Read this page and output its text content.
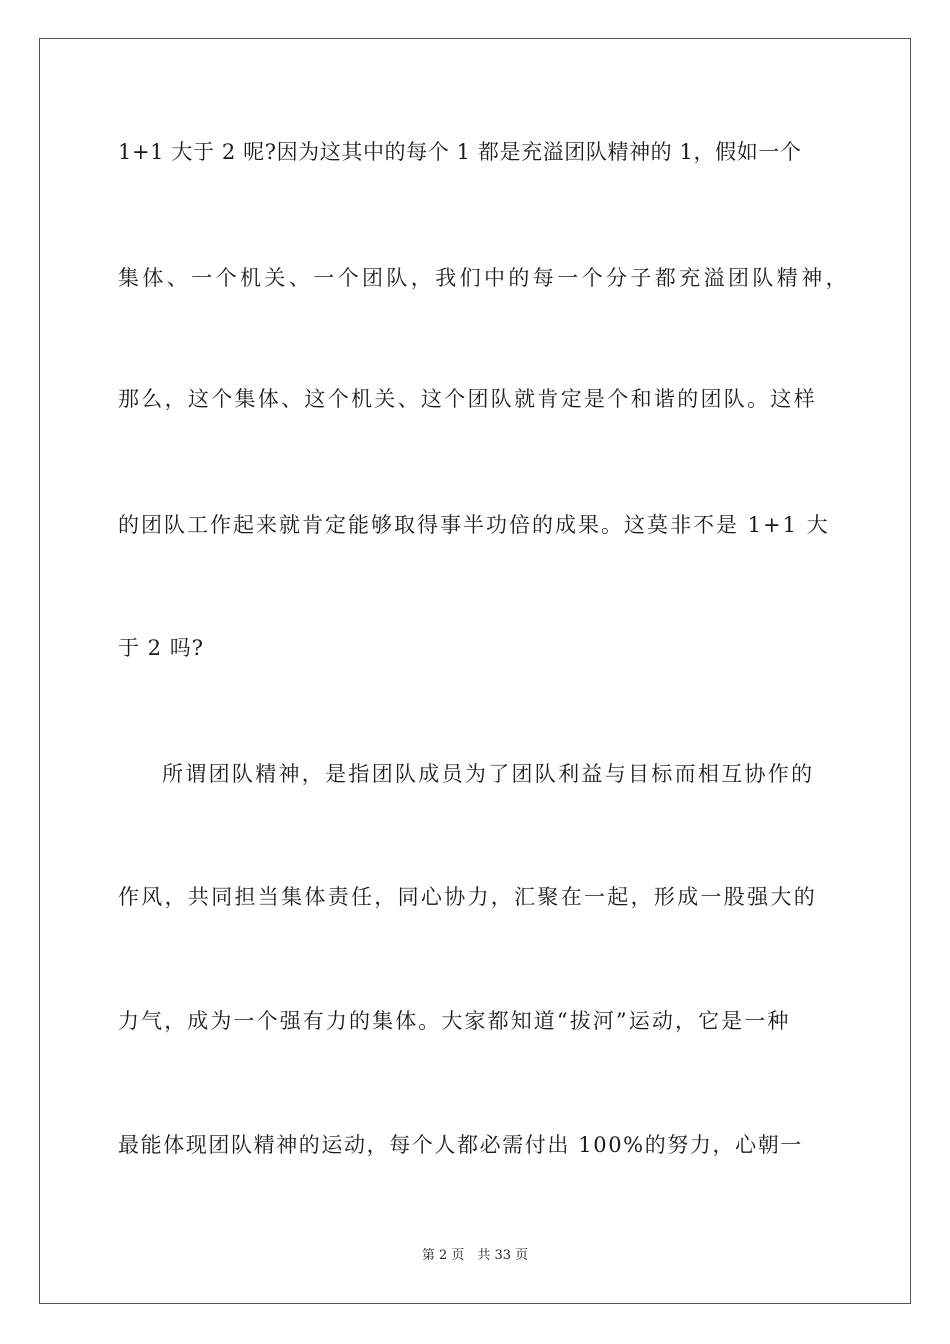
1+1 大于 2 呢?因为这其中的每个 1 都是充溢团队精神的 1，假如一个
集体、一个机关、一个团队，我们中的每一个分子都充溢团队精神，
那么，这个集体、这个机关、这个团队就肯定是个和谐的团队。这样
的团队工作起来就肯定能够取得事半功倍的成果。这莫非不是 1+1 大
于 2 吗?
所谓团队精神，是指团队成员为了团队利益与目标而相互协作的
作风，共同担当集体责任，同心协力，汇聚在一起，形成一股强大的
力气，成为一个强有力的集体。大家都知道“拔河”运动，它是一种
最能体现团队精神的运动，每个人都必需付出 100%的努力，心朝一
第 2 页　共 33 页
